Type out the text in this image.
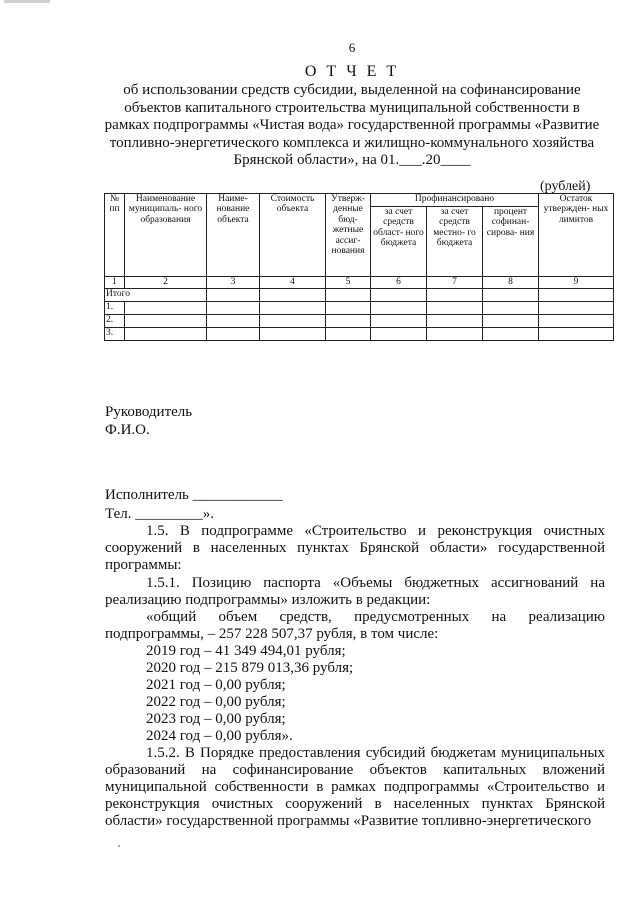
6
О Т Ч Е Т
об использовании средств субсидии, выделенной на софинансирование
объектов капитального строительства муниципальной собственности в
рамках подпрограммы «Чистая вода» государственной программы «Развитие
топливно-энергетического комплекса и жилищно-коммунального хозяйства
Брянской области», на 01.___.20____
(рублей)
№ пп	Наименование муниципаль- ного образования	Наиме- нование объекта	Стоимость объекта	Утверж- денные бюд- жетные ассиг- нования	Профинансировано			Остаток утвержден- ных лимитов
					за счет средств област- ного бюджета	за счет средств местно- го бюджета	процент софинан- сирова- ния	
1	2	3	4	5	6	7	8	9
Итого								
1.								
2.								
3.								
Руководитель
Ф.И.О.
Исполнитель ____________
Тел. _________».
1.5. В подпрограмме «Строительство и реконструкция очистных сооружений в населенных пунктах Брянской области» государственной программы:
1.5.1. Позицию паспорта «Объемы бюджетных ассигнований на реализацию подпрограммы» изложить в редакции:
«общий объем средств, предусмотренных на реализацию подпрограммы, – 257 228 507,37 рубля, в том числе:
2019 год – 41 349 494,01 рубля;
2020 год – 215 879 013,36 рубля;
2021 год – 0,00 рубля;
2022 год – 0,00 рубля;
2023 год – 0,00 рубля;
2024 год – 0,00 рубля».
1.5.2. В Порядке предоставления субсидий бюджетам муниципальных образований на софинансирование объектов капитальных вложений муниципальной собственности в рамках подпрограммы «Строительство и реконструкция очистных сооружений в населенных пунктах Брянской области» государственной программы «Развитие топливно-энергетического
